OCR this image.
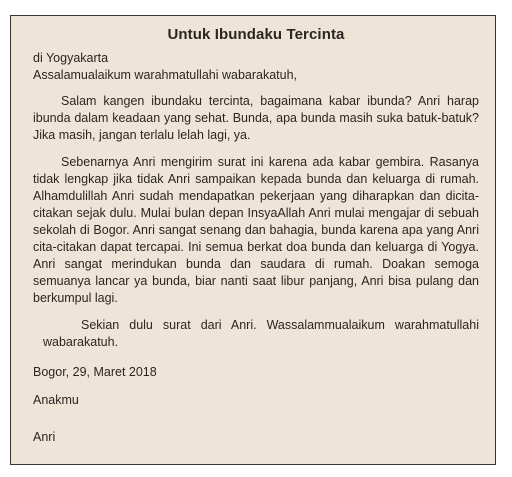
Untuk Ibundaku Tercinta

di Yogyakarta

Assalamualaikum warahmatullahi wabarakatuh,

Salam kangen ibundaku tercinta, bagaimana kabar ibunda? Anri harap ibunda dalam keadaan yang sehat. Bunda, apa bunda masih suka batuk-batuk? Jika masih, jangan terlalu lelah lagi, ya.

Sebenarnya Anri mengirim surat ini karena ada kabar gembira. Rasanya tidak lengkap jika tidak Anri sampaikan kepada bunda dan keluarga di rumah. Alhamdulillah Anri sudah mendapatkan pekerjaan yang diharapkan dan dicita-citakan sejak dulu. Mulai bulan depan InsyaAllah Anri mulai mengajar di sebuah sekolah di Bogor. Anri sangat senang dan bahagia, bunda karena apa yang Anri cita-citakan dapat tercapai. Ini semua berkat doa bunda dan keluarga di Yogya. Anri sangat merindukan bunda dan saudara di rumah. Doakan semoga semuanya lancar ya bunda, biar nanti saat libur panjang, Anri bisa pulang dan berkumpul lagi.

Sekian dulu surat dari Anri. Wassalammualaikum warahmatullahi wabarakatuh.

Bogor, 29, Maret 2018

Anakmu

Anri
